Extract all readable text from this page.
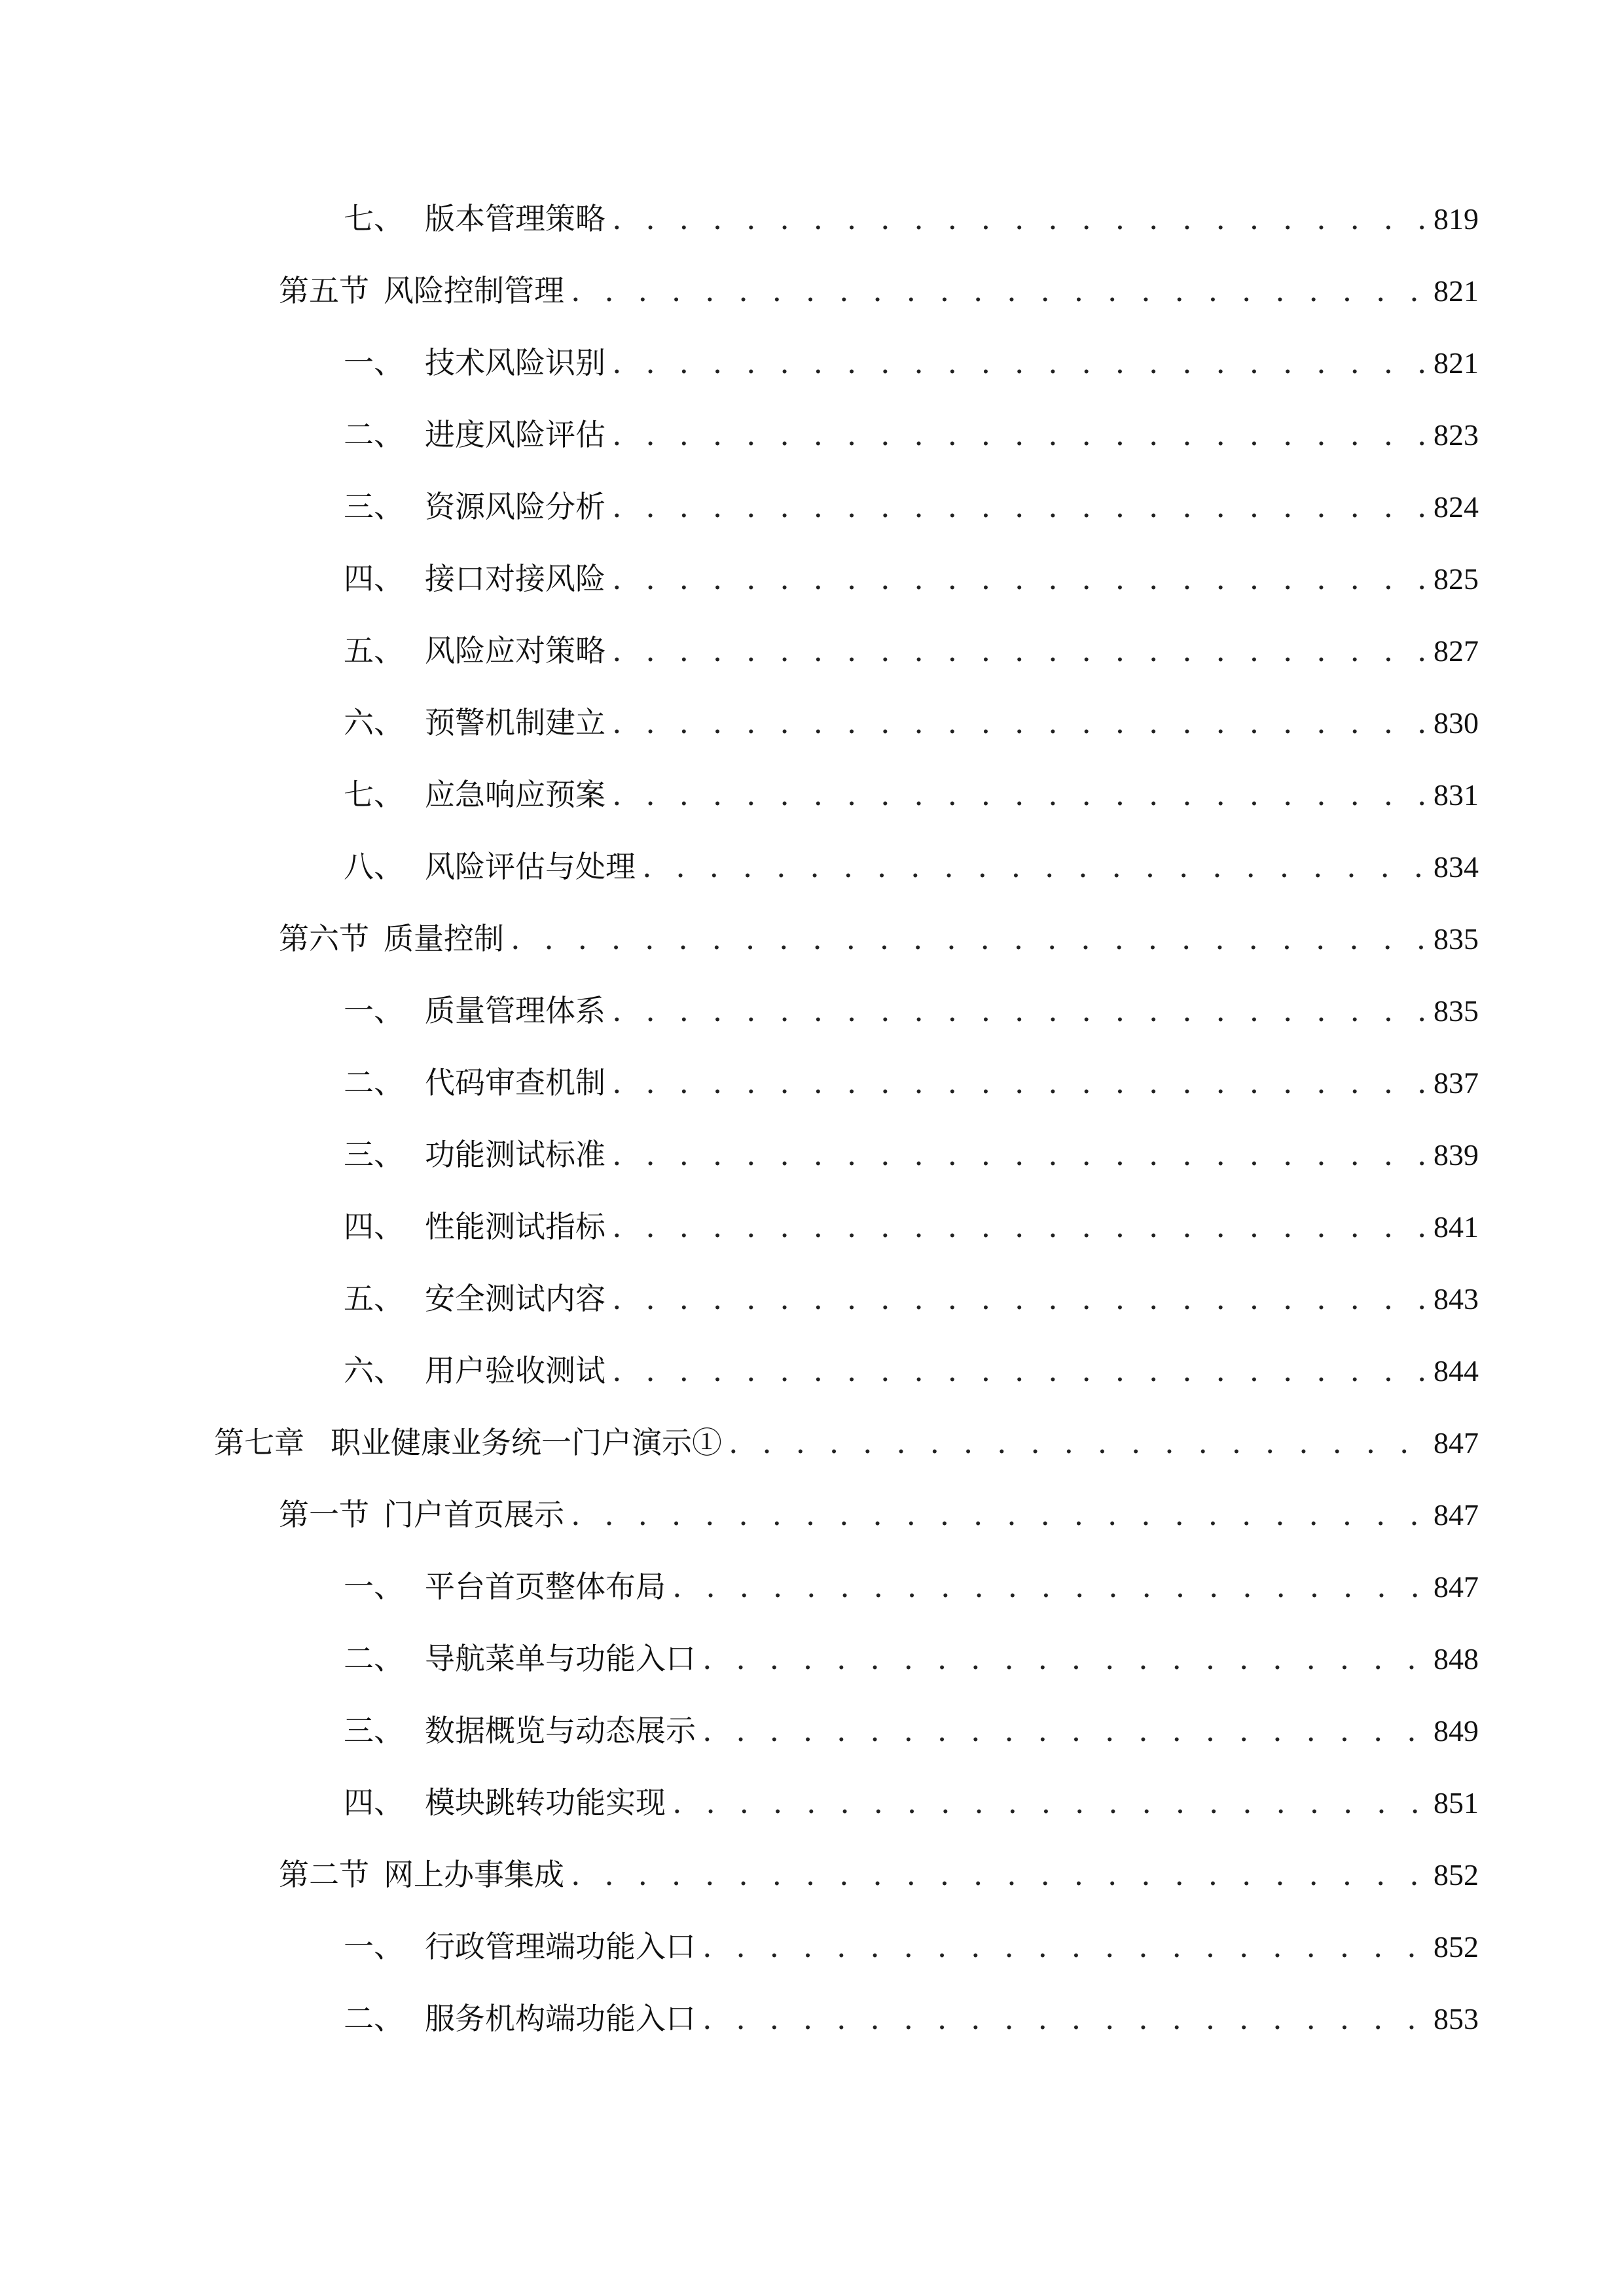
七、 版本管理策略 . . .	819
第五节 风险控制管理 . . .	821
一、 技术风险识别 . . .	821
二、 进度风险评估 . . .	823
三、 资源风险分析 . . .	824
四、 接口对接风险 . . .	825
五、 风险应对策略 . . .	827
六、 预警机制建立 . . .	830
七、 应急响应预案 . . .	831
八、 风险评估与处理 . . .	834
第六节 质量控制 . . .	835
一、 质量管理体系 . . .	835
二、 代码审查机制 . . .	837
三、 功能测试标准 . . .	839
四、 性能测试指标 . . .	841
五、 安全测试内容 . . .	843
六、 用户验收测试 . . .	844
第七章 职业健康业务统一门户演示① . . .	847
第一节 门户首页展示 . . .	847
一、 平台首页整体布局 . . .	847
二、 导航菜单与功能入口 . . .	848
三、 数据概览与动态展示 . . .	849
四、 模块跳转功能实现 . . .	851
第二节 网上办事集成 . . .	852
一、 行政管理端功能入口 . . .	852
二、 服务机构端功能入口 . . .	853
